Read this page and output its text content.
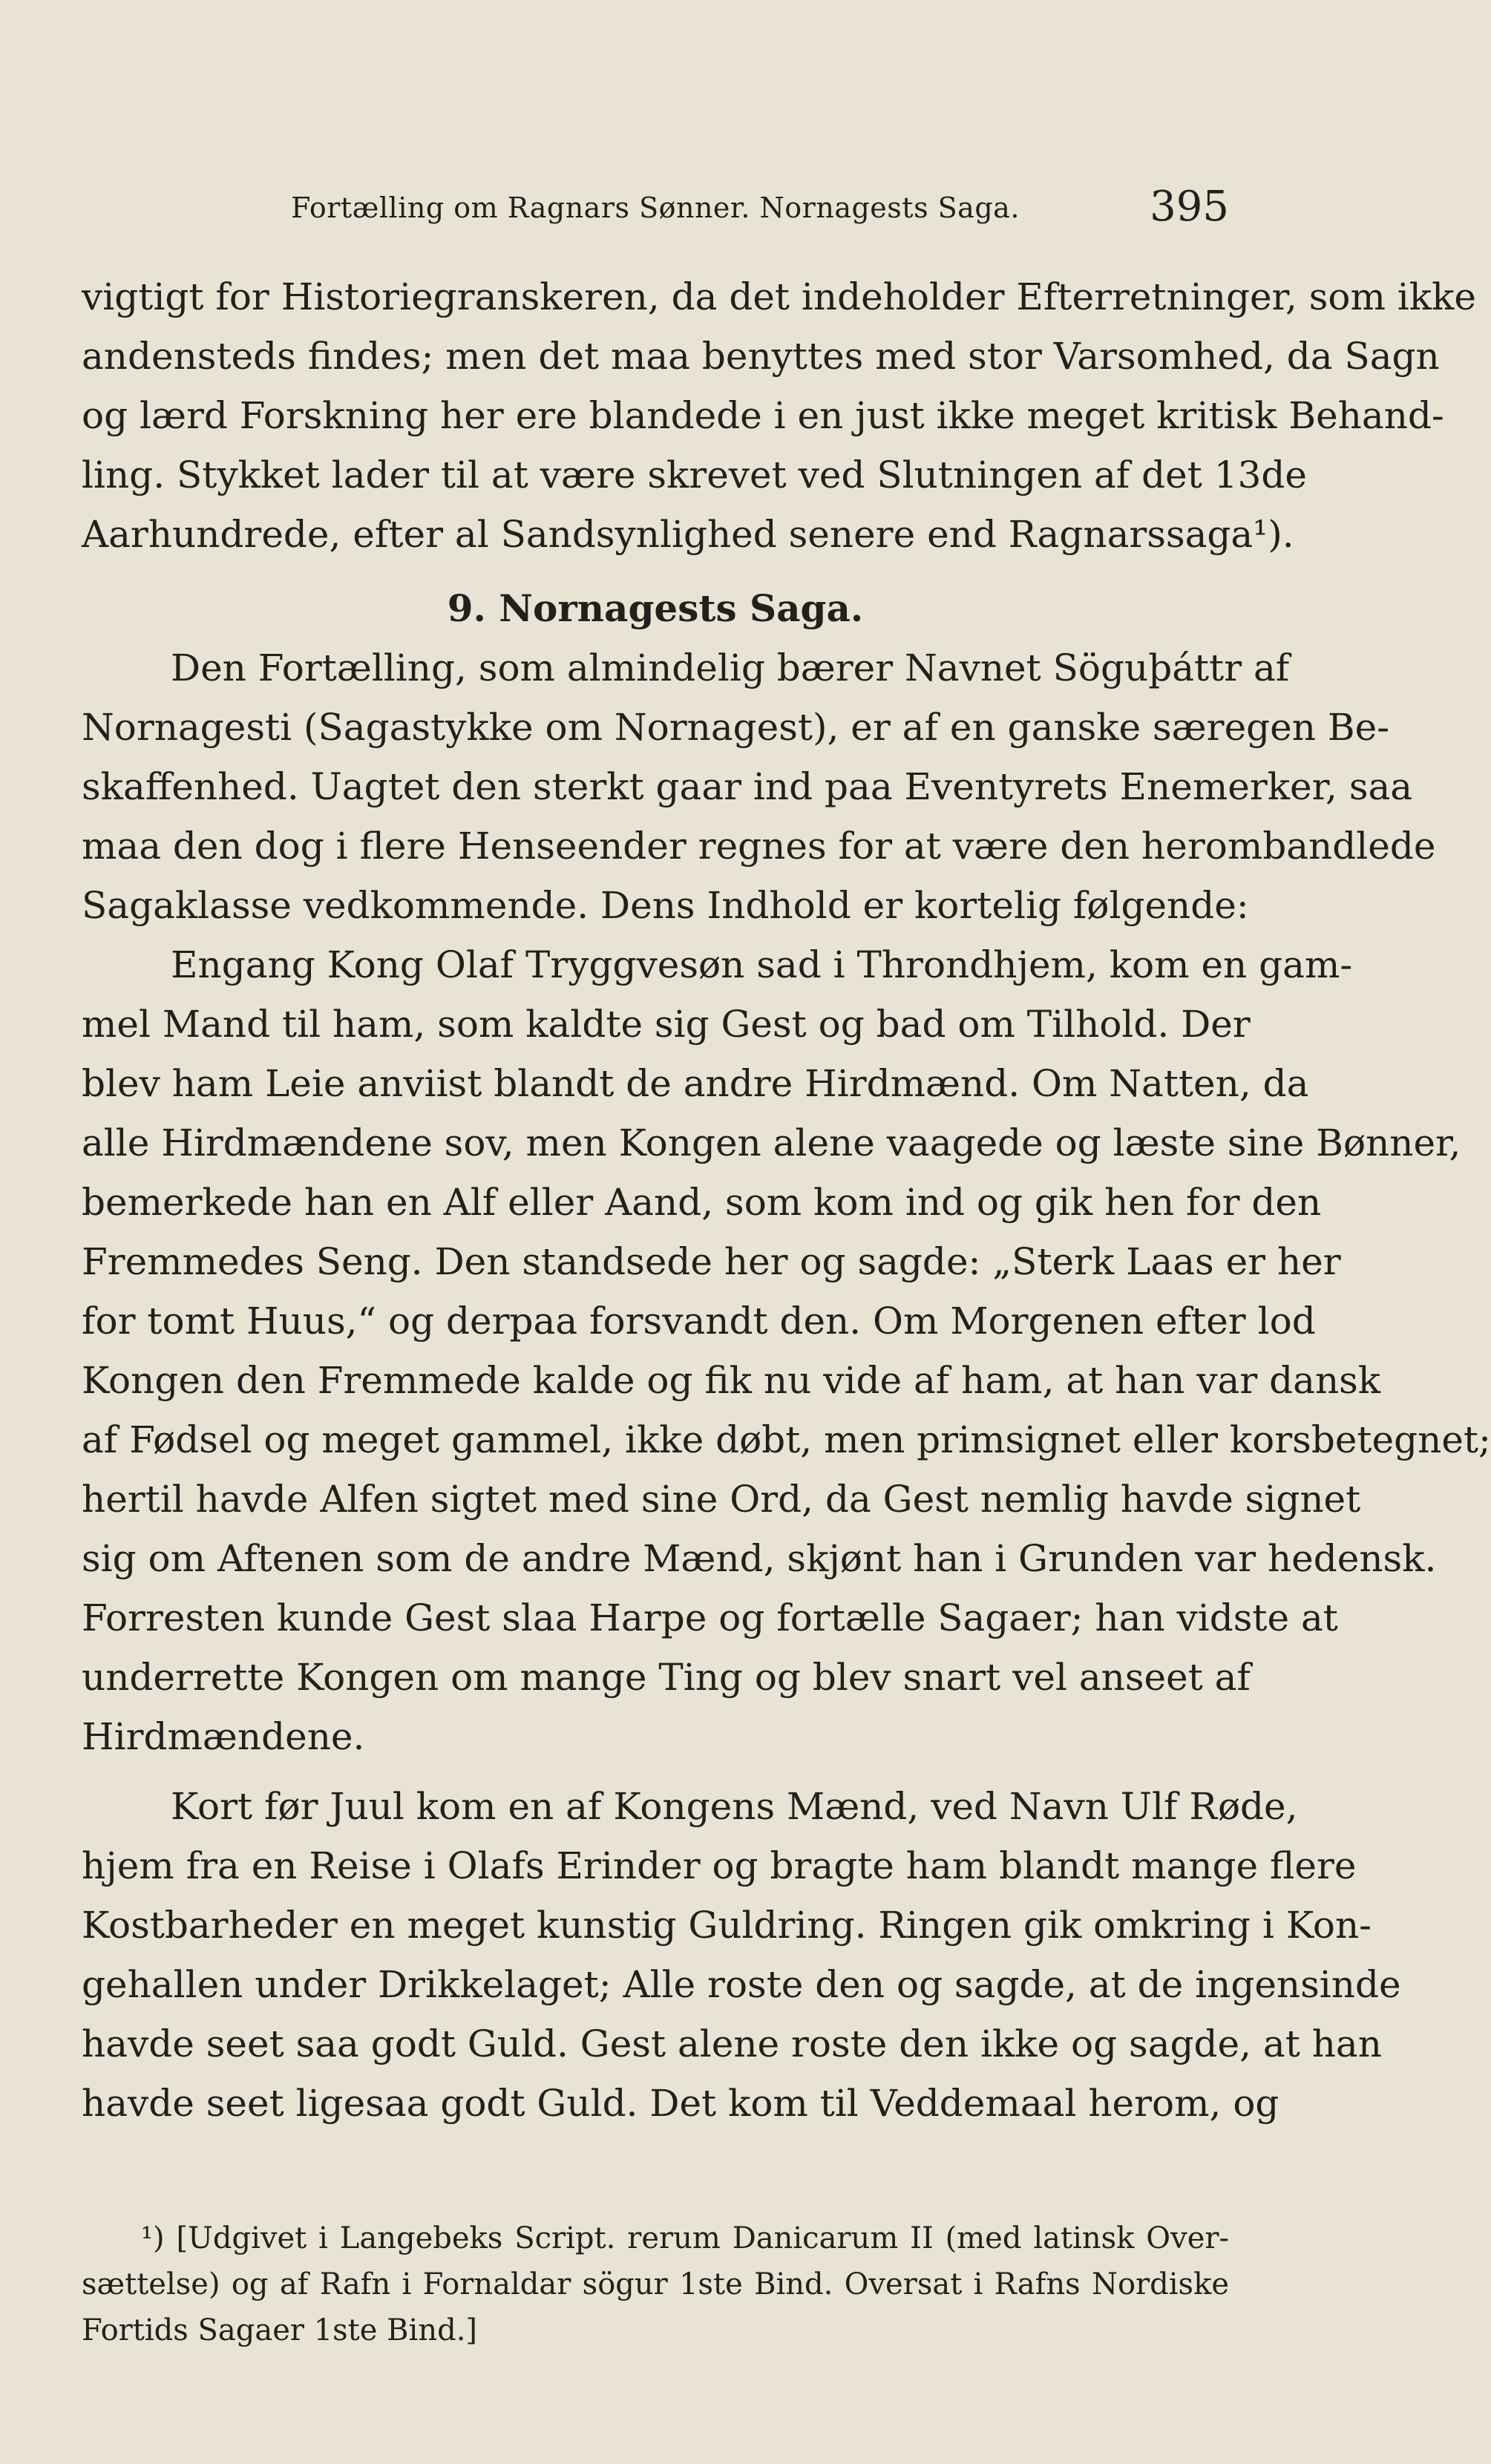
Fortælling om Ragnars Sønner. Nornagests Saga.	395
vigtigt for Historiegranskeren, da det indeholder Efterretninger, som ikke
andensteds findes; men det maa benyttes med stor Varsomhed, da Sagn
og lærd Forskning her ere blandede i en just ikke meget kritisk Behand-
ling. Stykket lader til at være skrevet ved Slutningen af det 13de
Aarhundrede, efter al Sandsynlighed senere end Ragnarssaga¹).
9. Nornagests Saga.
Den Fortælling, som almindelig bærer Navnet Söguþáttr af
Nornagesti (Sagastykke om Nornagest), er af en ganske særegen Be-
skaffenhed. Uagtet den sterkt gaar ind paa Eventyrets Enemerker, saa
maa den dog i flere Henseender regnes for at være den herombandlede
Sagaklasse vedkommende. Dens Indhold er kortelig følgende:
Engang Kong Olaf Tryggvesøn sad i Throndhjem, kom en gam-
mel Mand til ham, som kaldte sig Gest og bad om Tilhold. Der
blev ham Leie anviist blandt de andre Hirdmænd. Om Natten, da
alle Hirdmændene sov, men Kongen alene vaagede og læste sine Bønner,
bemerkede han en Alf eller Aand, som kom ind og gik hen for den
Fremmedes Seng. Den standsede her og sagde: „Sterk Laas er her
for tomt Huus,“ og derpaa forsvandt den. Om Morgenen efter lod
Kongen den Fremmede kalde og fik nu vide af ham, at han var dansk
af Fødsel og meget gammel, ikke døbt, men primsignet eller korsbetegnet;
hertil havde Alfen sigtet med sine Ord, da Gest nemlig havde signet
sig om Aftenen som de andre Mænd, skjønt han i Grunden var hedensk.
Forresten kunde Gest slaa Harpe og fortælle Sagaer; han vidste at
underrette Kongen om mange Ting og blev snart vel anseet af
Hirdmændene.
Kort før Juul kom en af Kongens Mænd, ved Navn Ulf Røde,
hjem fra en Reise i Olafs Erinder og bragte ham blandt mange flere
Kostbarheder en meget kunstig Guldring. Ringen gik omkring i Kon-
gehallen under Drikkelaget; Alle roste den og sagde, at de ingensinde
havde seet saa godt Guld. Gest alene roste den ikke og sagde, at han
havde seet ligesaa godt Guld. Det kom til Veddemaal herom, og
¹) [Udgivet i Langebeks Script. rerum Danicarum II (med latinsk Over-
sættelse) og af Rafn i Fornaldar sögur 1ste Bind. Oversat i Rafns Nordiske
Fortids Sagaer 1ste Bind.]
